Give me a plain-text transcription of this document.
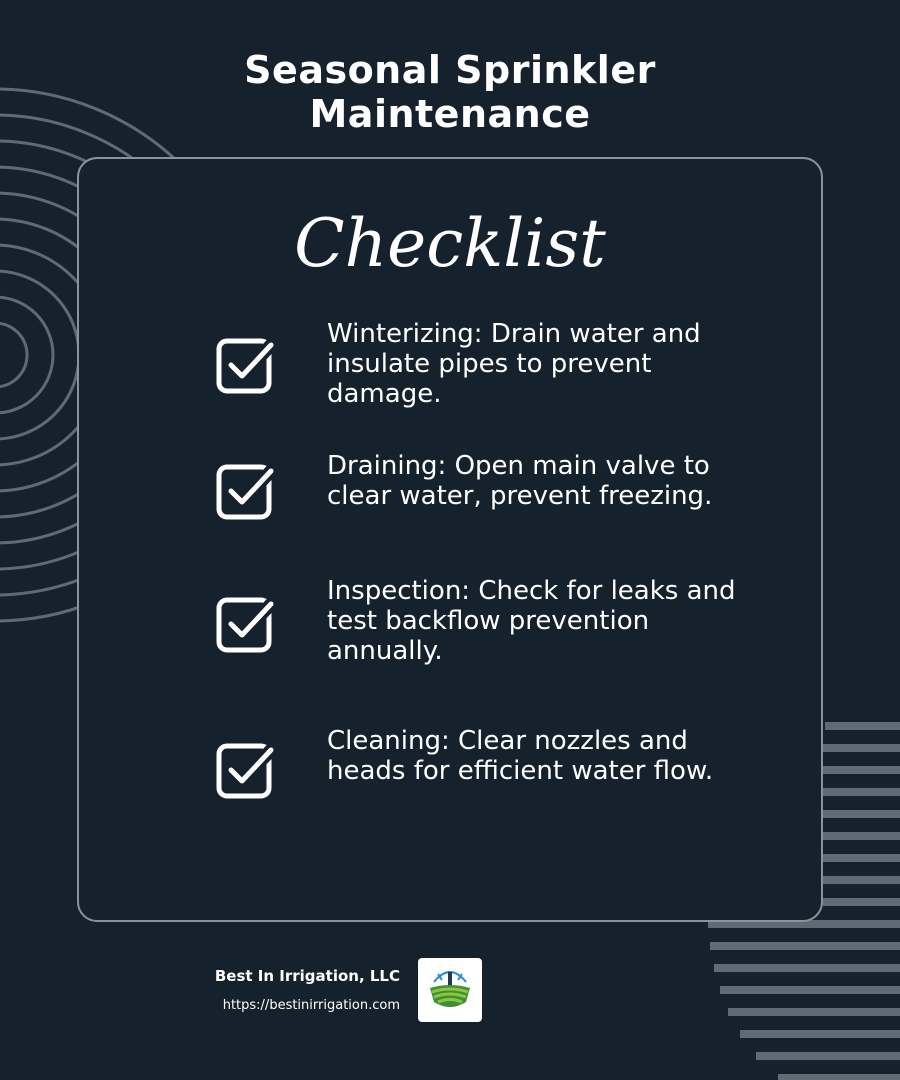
Seasonal Sprinkler
Maintenance
Checklist
Winterizing: Drain water and insulate pipes to prevent damage.
Draining: Open main valve to clear water, prevent freezing.
Inspection: Check for leaks and test backflow prevention annually.
Cleaning: Clear nozzles and heads for efficient water flow.
Best In Irrigation, LLC
https://bestinirrigation.com
